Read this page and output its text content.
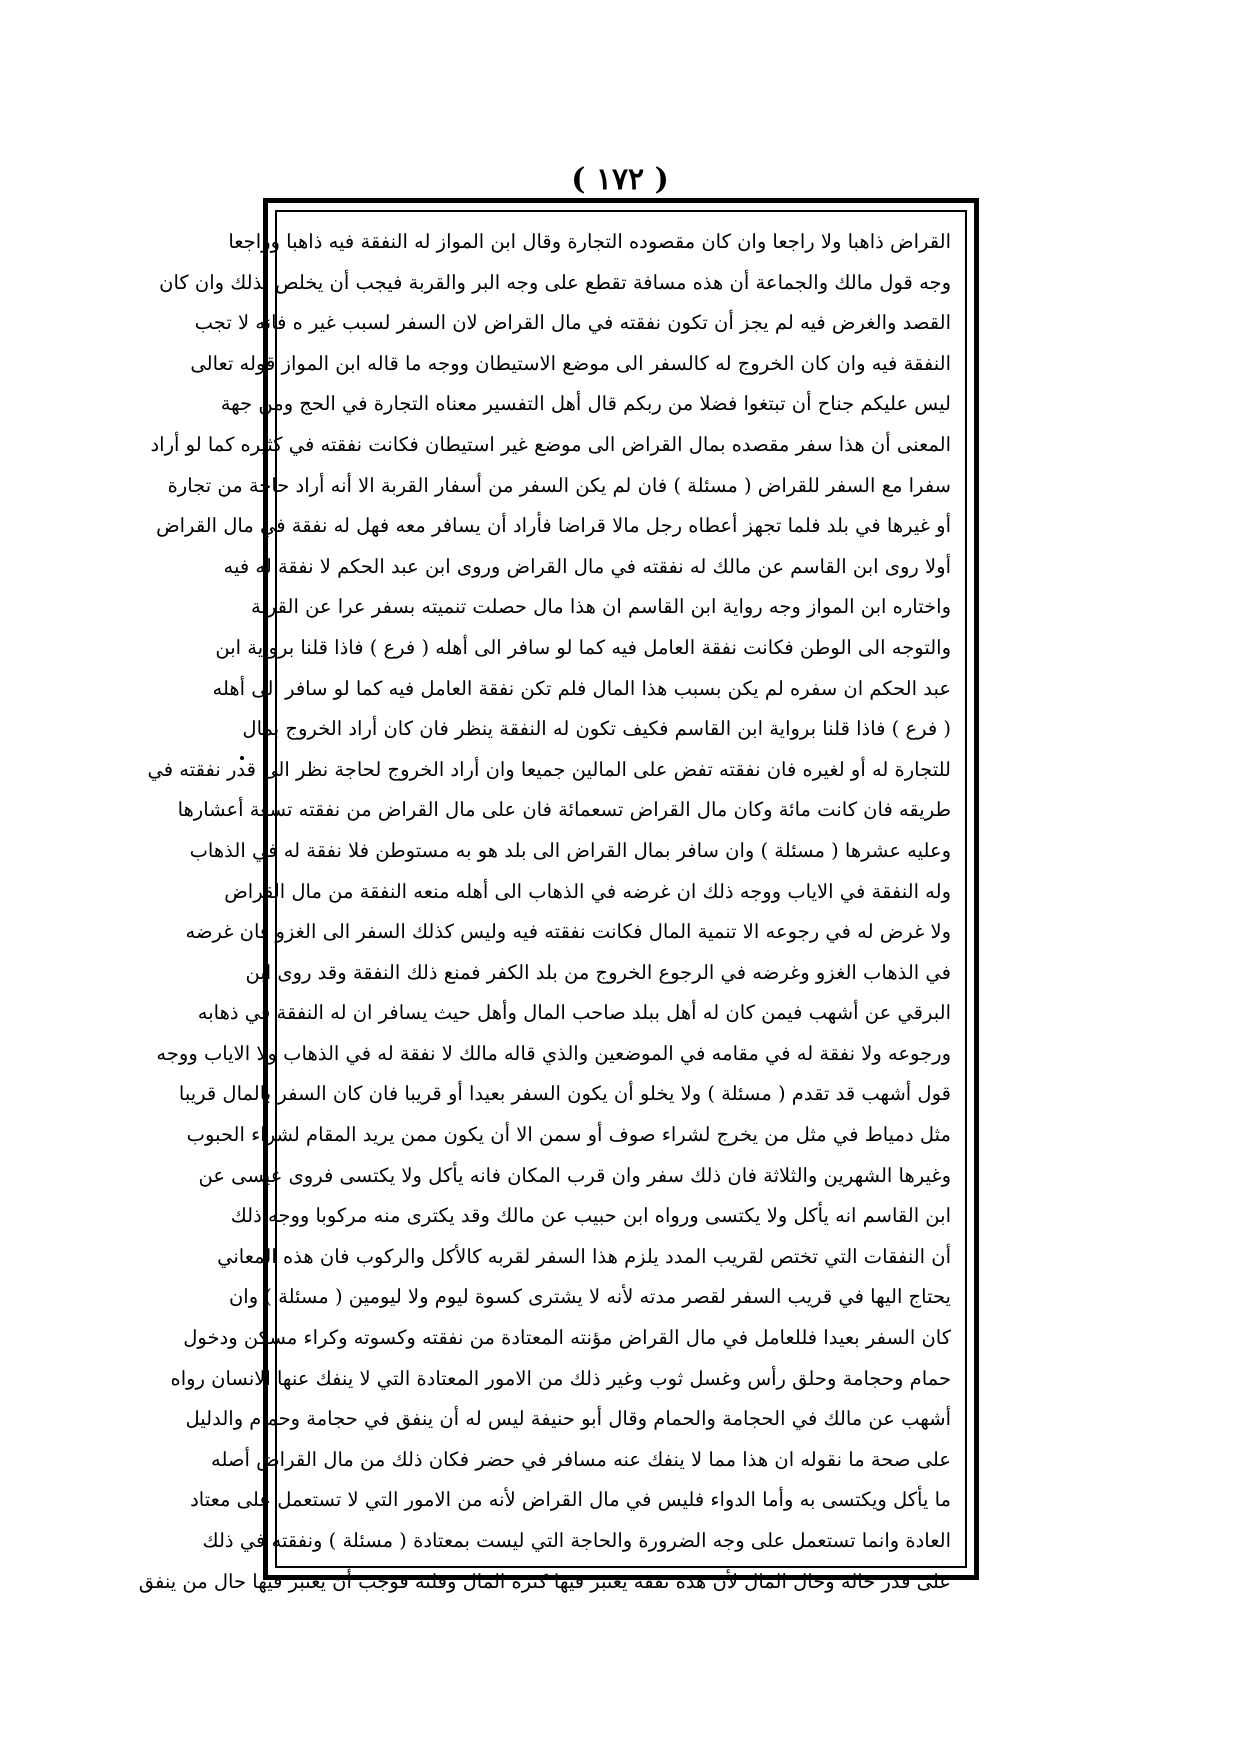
( ١٧٢ )
القراض ذاهبا ولا راجعا وان كان مقصوده التجارة وقال ابن المواز له النفقة فيه ذاهبا وراجعا
وجه قول مالك والجماعة أن هذه مسافة تقطع على وجه البر والقربة فيجب أن يخلص لذلك وان كان
القصد والغرض فيه لم يجز أن تكون نفقته في مال القراض لان السفر لسبب غير ه فانه لا تجب
النفقة فيه وان كان الخروج له كالسفر الى موضع الاستيطان ووجه ما قاله ابن المواز قوله تعالى
ليس عليكم جناح أن تبتغوا فضلا من ربكم قال أهل التفسير معناه التجارة في الحج ومن جهة
المعنى أن هذا سفر مقصده بمال القراض الى موضع غير استيطان فكانت نفقته في كثيره كما لو أراد
سفرا مع السفر للقراض ( مسئلة ) فان لم يكن السفر من أسفار القربة الا أنه أراد حاجة من تجارة
أو غيرها في بلد فلما تجهز أعطاه رجل مالا قراضا فأراد أن يسافر معه فهل له نفقة في مال القراض
أولا روى ابن القاسم عن مالك له نفقته في مال القراض وروى ابن عبد الحكم لا نفقة له فيه
واختاره ابن المواز وجه رواية ابن القاسم ان هذا مال حصلت تنميته بسفر عرا عن القربة
والتوجه الى الوطن فكانت نفقة العامل فيه كما لو سافر الى أهله ( فرع ) فاذا قلنا برواية ابن
عبد الحكم ان سفره لم يكن بسبب هذا المال فلم تكن نفقة العامل فيه كما لو سافر الى أهله
( فرع ) فاذا قلنا برواية ابن القاسم فكيف تكون له النفقة ينظر فان كان أراد الخروج بمال
للتجارة له أو لغيره فان نفقته تفض على المالين جميعا وان أراد الخروج لحاجة نظر الى قدر نفقته في
طريقه فان كانت مائة وكان مال القراض تسعمائة فان على مال القراض من نفقته تسعة أعشارها
وعليه عشرها ( مسئلة ) وان سافر بمال القراض الى بلد هو به مستوطن فلا نفقة له في الذهاب
وله النفقة في الاياب ووجه ذلك ان غرضه في الذهاب الى أهله منعه النفقة من مال القراض
ولا غرض له في رجوعه الا تنمية المال فكانت نفقته فيه وليس كذلك السفر الى الغزو فان غرضه
في الذهاب الغزو وغرضه في الرجوع الخروج من بلد الكفر فمنع ذلك النفقة وقد روى ابن
البرقي عن أشهب فيمن كان له أهل ببلد صاحب المال وأهل حيث يسافر ان له النفقة في ذهابه
ورجوعه ولا نفقة له في مقامه في الموضعين والذي قاله مالك لا نفقة له في الذهاب ولا الاياب ووجه
قول أشهب قد تقدم ( مسئلة ) ولا يخلو أن يكون السفر بعيدا أو قريبا فان كان السفر بالمال قريبا
مثل دمياط في مثل من يخرج لشراء صوف أو سمن الا أن يكون ممن يريد المقام لشراء الحبوب
وغيرها الشهرين والثلاثة فان ذلك سفر وان قرب المكان فانه يأكل ولا يكتسى فروى عيسى عن
ابن القاسم انه يأكل ولا يكتسى ورواه ابن حبيب عن مالك وقد يكترى منه مركوبا ووجه ذلك
أن النفقات التي تختص لقريب المدد يلزم هذا السفر لقربه كالأكل والركوب فان هذه المعاني
يحتاج اليها في قريب السفر لقصر مدته لأنه لا يشترى كسوة ليوم ولا ليومين ( مسئلة ) وان
كان السفر بعيدا فللعامل في مال القراض مؤنته المعتادة من نفقته وكسوته وكراء مسكن ودخول
حمام وحجامة وحلق رأس وغسل ثوب وغير ذلك من الامور المعتادة التي لا ينفك عنها الانسان رواه
أشهب عن مالك في الحجامة والحمام وقال أبو حنيفة ليس له أن ينفق في حجامة وحمام والدليل
على صحة ما نقوله ان هذا مما لا ينفك عنه مسافر في حضر فكان ذلك من مال القراض أصله
ما يأكل ويكتسى به وأما الدواء فليس في مال القراض لأنه من الامور التي لا تستعمل على معتاد
العادة وانما تستعمل على وجه الضرورة والحاجة التي ليست بمعتادة ( مسئلة ) ونفقته في ذلك
على قدر حاله وحال المال لأن هذه نفقة يعتبر فيها كثرة المال وقلته فوجب أن يعتبر فيها حال من ينفق
